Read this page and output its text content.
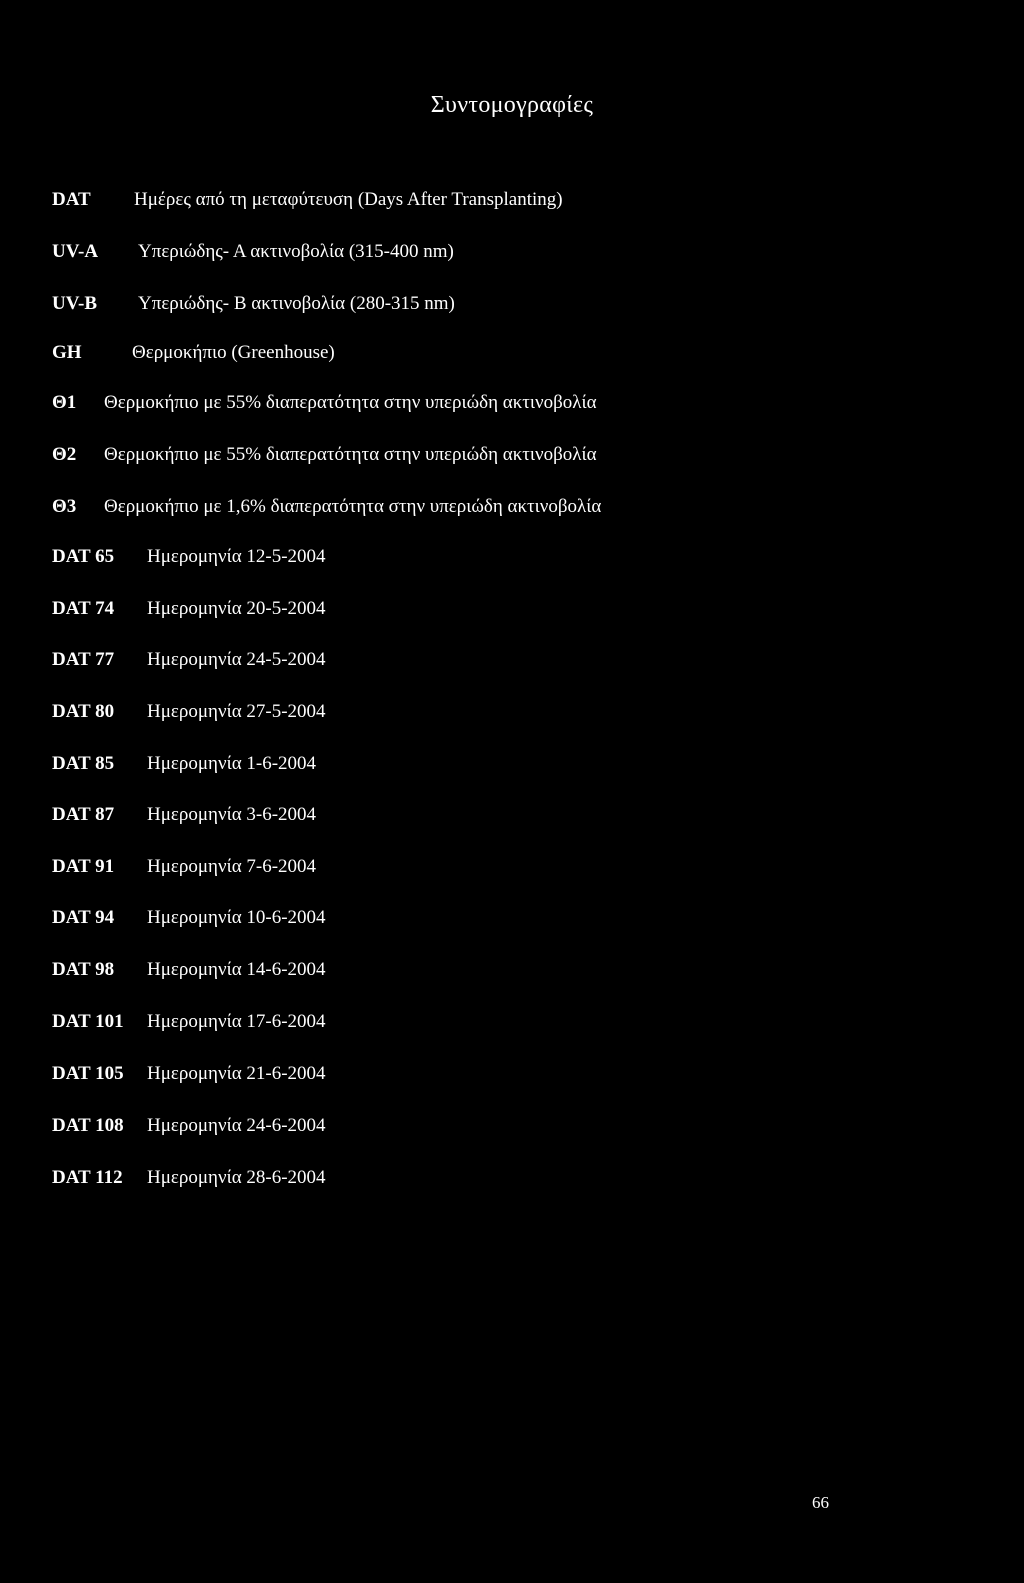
Συντομογραφίες
DAT Ημέρες από τη μεταφύτευση (Days After Transplanting)
UV-A Υπεριώδης- Α ακτινοβολία (315-400 nm)
UV-B Υπεριώδης- Β ακτινοβολία (280-315 nm)
GH	Θερμοκήπιο (Greenhouse)
Θ1 Θερμοκήπιο με 55% διαπερατότητα στην υπεριώδη ακτινοβολία
Θ2 Θερμοκήπιο με 55% διαπερατότητα στην υπεριώδη ακτινοβολία
Θ3 Θερμοκήπιο με 1,6% διαπερατότητα στην υπεριώδη ακτινοβολία
DAT 65 Ημερομηνία 12-5-2004
DAT 74 Ημερομηνία 20-5-2004
DAT 77 Ημερομηνία 24-5-2004
DAT 80 Ημερομηνία 27-5-2004
DAT 85 Ημερομηνία 1-6-2004
DAT 87 Ημερομηνία 3-6-2004
DAT 91 Ημερομηνία 7-6-2004
DAT 94 Ημερομηνία 10-6-2004
DAT 98 Ημερομηνία 14-6-2004
DAT 101 Ημερομηνία 17-6-2004
DAT 105 Ημερομηνία 21-6-2004
DAT 108 Ημερομηνία 24-6-2004
DAT 112 Ημερομηνία 28-6-2004
66
